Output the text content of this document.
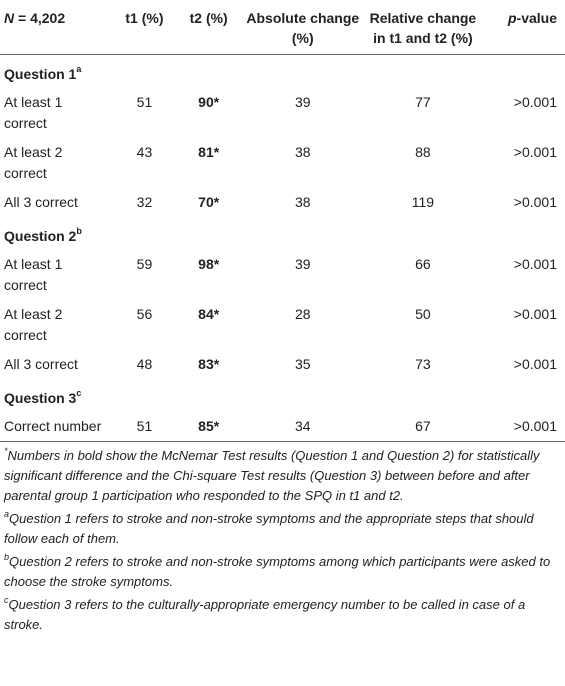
N = 4,202	t1 (%)	t2 (%)	Absolute change (%)	Relative change in t1 and t2 (%)	p-value
Question 1$^a$
At least 1 correct	51	90*	39	77	>0.001
At least 2 correct	43	81*	38	88	>0.001
All 3 correct	32	70*	38	119	>0.001
Question 2$^b$
At least 1 correct	59	98*	39	66	>0.001
At least 2 correct	56	84*	28	50	>0.001
All 3 correct	48	83*	35	73	>0.001
Question 3$^c$
Correct number	51	85*	34	67	>0.001

*Numbers in bold show the McNemar Test results (Question 1 and Question 2) for statistically significant difference and the Chi-square Test results (Question 3) between before and after parental group 1 participation who responded to the SPQ in t1 and t2.

$^a$Question 1 refers to stroke and non-stroke symptoms and the appropriate steps that should follow each of them.

$^b$Question 2 refers to stroke and non-stroke symptoms among which participants were asked to choose the stroke symptoms.

$^c$Question 3 refers to the culturally-appropriate emergency number to be called in case of a stroke.
